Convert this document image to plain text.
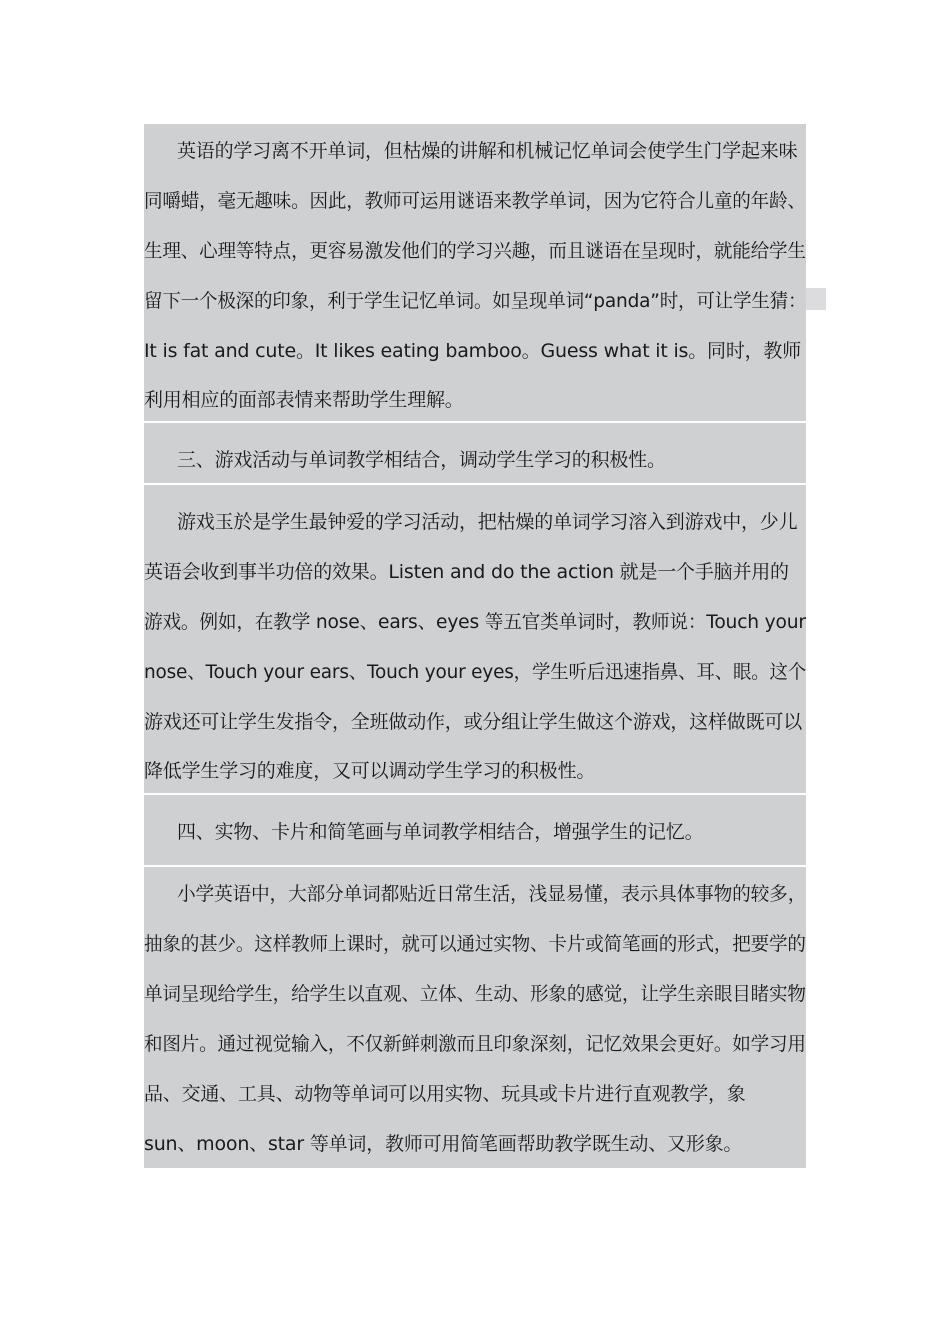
英语的学习离不开单词，但枯燥的讲解和机械记忆单词会使学生门学起来味
同嚼蜡，毫无趣味。因此，教师可运用谜语来教学单词，因为它符合儿童的年龄、
生理、心理等特点，更容易激发他们的学习兴趣，而且谜语在呈现时，就能给学生
留下一个极深的印象，利于学生记忆单词。如呈现单词“panda”时，可让学生猜：
It is fat and cute。It likes eating bamboo。Guess what it is。同时，教师
利用相应的面部表情来帮助学生理解。
三、游戏活动与单词教学相结合，调动学生学习的积极性。
游戏玉於是学生最钟爱的学习活动，把枯燥的单词学习溶入到游戏中，少儿
英语会收到事半功倍的效果。Listen and do the action 就是一个手脑并用的
游戏。例如，在教学 nose、ears、eyes 等五官类单词时，教师说：Touch your
nose、Touch your ears、Touch your eyes，学生听后迅速指鼻、耳、眼。这个
游戏还可让学生发指令，全班做动作，或分组让学生做这个游戏，这样做既可以
降低学生学习的难度，又可以调动学生学习的积极性。
四、实物、卡片和简笔画与单词教学相结合，增强学生的记忆。
小学英语中，大部分单词都贴近日常生活，浅显易懂，表示具体事物的较多，
抽象的甚少。这样教师上课时，就可以通过实物、卡片或简笔画的形式，把要学的
单词呈现给学生，给学生以直观、立体、生动、形象的感觉，让学生亲眼目睹实物
和图片。通过视觉输入，不仅新鲜刺激而且印象深刻，记忆效果会更好。如学习用
品、交通、工具、动物等单词可以用实物、玩具或卡片进行直观教学，象
sun、moon、star 等单词，教师可用简笔画帮助教学既生动、又形象。
